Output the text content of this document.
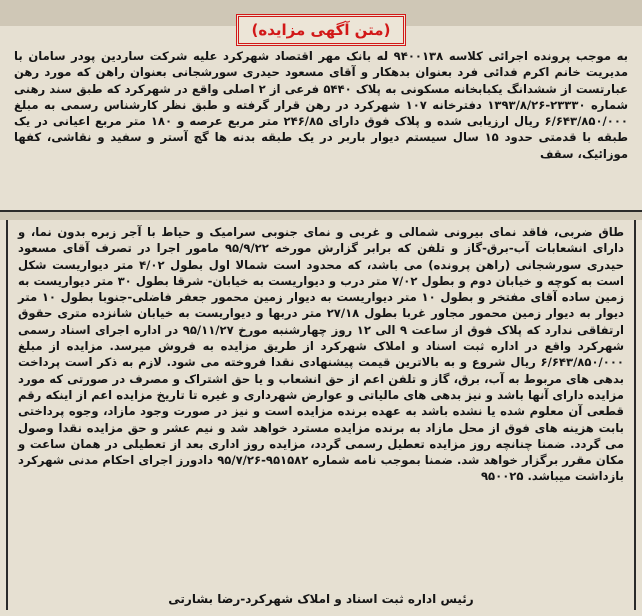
(متن آگهی مزایده)

به موجب پرونده اجرائی کلاسه ۹۴۰۰۱۳۸ له بانک مهر اقتصاد شهرکرد علیه شرکت ساردین پودر سامان با مدیریت خانم اکرم فدائی فرد بعنوان بدهکار و آقای مسعود حیدری سورشجانی بعنوان راهن که مورد رهن عبارتست از ششدانگ یکبابخانه مسکونی به پلاک ۵۴۴۰ فرعی از ۲ اصلی واقع در شهرکرد که طبق سند رهنی شماره ۲۳۳۳۰-۱۳۹۳/۸/۲۶ دفترخانه ۱۰۷ شهرکرد در رهن قرار گرفته و طبق نظر کارشناس رسمی به مبلغ ۶/۶۴۳/۸۵۰/۰۰۰ ریال ارزیابی شده و پلاک فوق دارای ۲۴۶/۸۵ متر مربع عرصه و ۱۸۰ متر مربع اعیانی در یک طبقه با قدمتی حدود ۱۵ سال سیستم دیوار باربر در یک طبقه بدنه ها گچ آستر و سفید و نقاشی، کفها موزائیک، سقف

طاق ضربی، فاقد نمای بیرونی شمالی و غربی و نمای جنوبی سرامیک و حیاط با آجر زبره بدون نما، و دارای انشعابات آب-برق-گاز و تلفن که برابر گزارش مورخه ۹۵/۹/۲۲ مامور اجرا در تصرف آقای مسعود حیدری سورشجانی (راهن پرونده) می باشد، که محدود است شمالا اول بطول ۴/۰۲ متر دیواریست شکل است به کوچه و خیابان دوم و بطول ۷/۰۲ متر درب و دیواریست به خیابان- شرقا بطول ۳۰ متر دیواریست به زمین ساده آقای مفتخر و بطول ۱۰ متر دیواریست به دیوار زمین محمور جعفر فاضلی-جنوبا بطول ۱۰ متر دیوار به دیوار زمین محمور مجاور غربا بطول ۲۷/۱۸ متر دربها و دیواریست به خیابان شانزده متری حقوق ارتفاقی ندارد که پلاک فوق از ساعت ۹ الی ۱۲ روز چهارشنبه مورخ ۹۵/۱۱/۲۷ در اداره اجرای اسناد رسمی شهرکرد واقع در اداره ثبت اسناد و املاک شهرکرد از طریق مزایده به فروش میرسد. مزایده از مبلغ ۶/۶۴۳/۸۵۰/۰۰۰ ریال شروع و به بالاترین قیمت پیشنهادی نقدا فروخته می شود. لازم به ذکر است پرداخت بدهی های مربوط به آب، برق، گاز و تلفن اعم از حق انشعاب و یا حق اشتراک و مصرف در صورتی که مورد مزایده دارای آنها باشد و نیز بدهی های مالیاتی و عوارض شهرداری و غیره تا تاریخ مزایده اعم از اینکه رقم قطعی آن معلوم شده یا نشده باشد به عهده برنده مزایده است و نیز در صورت وجود مازاد، وجوه پرداختی بابت هزینه های فوق از محل مازاد به برنده مزایده مسترد خواهد شد و نیم عشر و حق مزایده نقدا وصول می گردد. ضمنا چنانچه روز مزایده تعطیل رسمی گردد، مزایده روز اداری بعد از تعطیلی در همان ساعت و مکان مقرر برگزار خواهد شد. ضمنا بموجب نامه شماره ۹۵۱۵۸۲-۹۵/۷/۲۶ دادورز اجرای احکام مدنی شهرکرد بازداشت میباشد. ۹۵۰۰۲۵

رئیس اداره ثبت اسناد و املاک شهرکرد-رضا بشارتی
